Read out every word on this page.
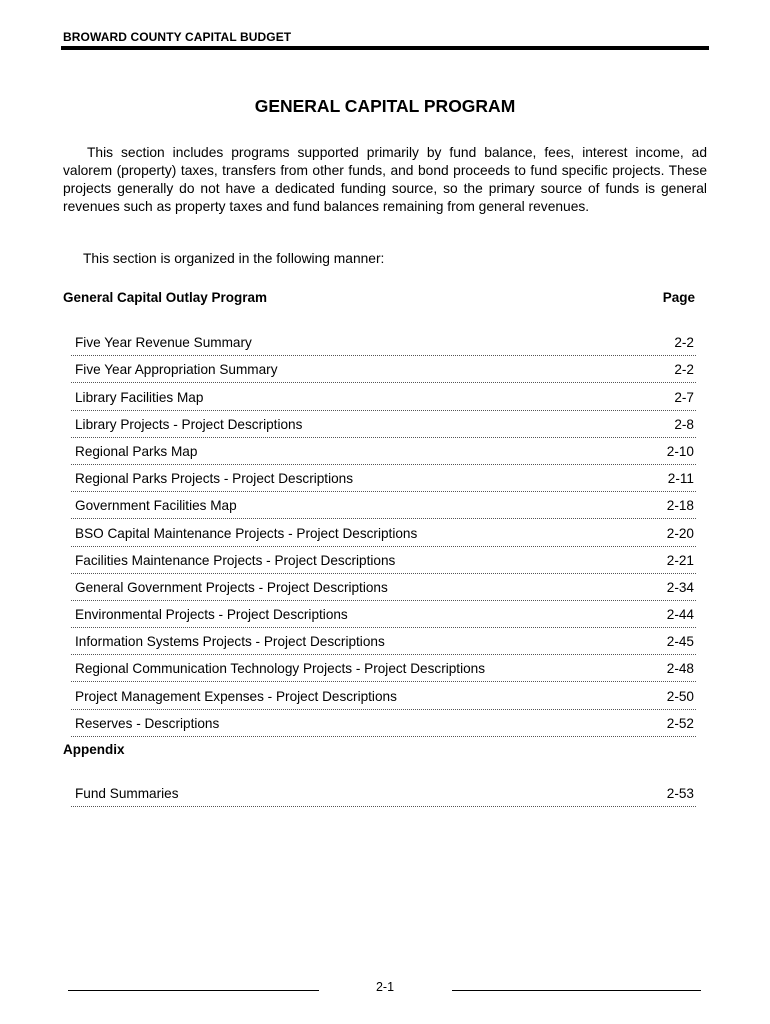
BROWARD COUNTY CAPITAL BUDGET
GENERAL CAPITAL PROGRAM

This section includes programs supported primarily by fund balance, fees, interest income, ad valorem (property) taxes, transfers from other funds, and bond proceeds to fund specific projects. These projects generally do not have a dedicated funding source, so the primary source of funds is general revenues such as property taxes and fund balances remaining from general revenues.

This section is organized in the following manner:
General Capital Outlay Program	Page
Five Year Revenue Summary	2-2
Five Year Appropriation Summary	2-2
Library Facilities Map	2-7
Library Projects - Project Descriptions	2-8
Regional Parks Map	2-10
Regional Parks Projects - Project Descriptions	2-11
Government Facilities Map	2-18
BSO Capital Maintenance Projects - Project Descriptions	2-20
Facilities Maintenance Projects - Project Descriptions	2-21
General Government Projects - Project Descriptions	2-34
Environmental Projects - Project Descriptions	2-44
Information Systems Projects - Project Descriptions	2-45
Regional Communication Technology Projects - Project Descriptions	2-48
Project Management Expenses - Project Descriptions	2-50
Reserves - Descriptions	2-52
Appendix
Fund Summaries	2-53
2-1
